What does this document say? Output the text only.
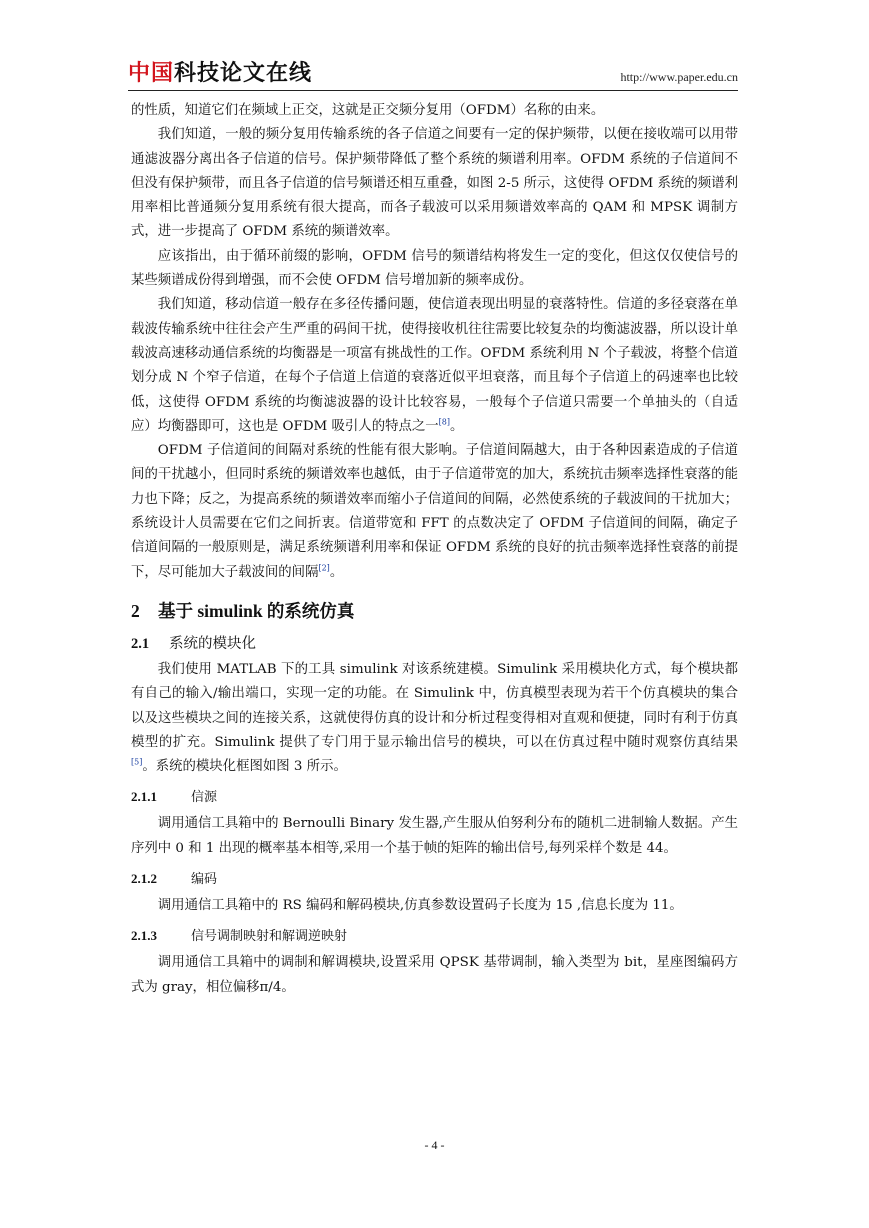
中国科技论文在线	http://www.paper.edu.cn

的性质，知道它们在频域上正交，这就是正交频分复用（OFDM）名称的由来。

我们知道，一般的频分复用传输系统的各子信道之间要有一定的保护频带，以便在接收端可以用带通滤波器分离出各子信道的信号。保护频带降低了整个系统的频谱利用率。OFDM 系统的子信道间不但没有保护频带，而且各子信道的信号频谱还相互重叠，如图 2-5 所示，这使得 OFDM 系统的频谱利用率相比普通频分复用系统有很大提高，而各子载波可以采用频谱效率高的 QAM 和 MPSK 调制方式，进一步提高了 OFDM 系统的频谱效率。

应该指出，由于循环前缀的影响，OFDM 信号的频谱结构将发生一定的变化，但这仅仅使信号的某些频谱成份得到增强，而不会使 OFDM 信号增加新的频率成份。

我们知道，移动信道一般存在多径传播问题，使信道表现出明显的衰落特性。信道的多径衰落在单载波传输系统中往往会产生严重的码间干扰，使得接收机往往需要比较复杂的均衡滤波器，所以设计单载波高速移动通信系统的均衡器是一项富有挑战性的工作。OFDM 系统利用 N 个子载波，将整个信道划分成 N 个窄子信道，在每个子信道上信道的衰落近似平坦衰落，而且每个子信道上的码速率也比较低，这使得 OFDM 系统的均衡滤波器的设计比较容易，一般每个子信道只需要一个单抽头的（自适应）均衡器即可，这也是 OFDM 吸引人的特点之一[8]。

OFDM 子信道间的间隔对系统的性能有很大影响。子信道间隔越大，由于各种因素造成的子信道间的干扰越小，但同时系统的频谱效率也越低，由于子信道带宽的加大，系统抗击频率选择性衰落的能力也下降；反之，为提高系统的频谱效率而缩小子信道间的间隔，必然使系统的子载波间的干扰加大；系统设计人员需要在它们之间折衷。信道带宽和 FFT 的点数决定了 OFDM 子信道间的间隔，确定子信道间隔的一般原则是，满足系统频谱利用率和保证 OFDM 系统的良好的抗击频率选择性衰落的前提下，尽可能加大子载波间的间隔[2]。

2 基于 simulink 的系统仿真
2.1 系统的模块化

我们使用 MATLAB 下的工具 simulink 对该系统建模。Simulink 采用模块化方式，每个模块都有自己的输入/输出端口，实现一定的功能。在 Simulink 中，仿真模型表现为若干个仿真模块的集合以及这些模块之间的连接关系，这就使得仿真的设计和分析过程变得相对直观和便捷，同时有利于仿真模型的扩充。Simulink 提供了专门用于显示输出信号的模块，可以在仿真过程中随时观察仿真结果[5]。系统的模块化框图如图 3 所示。

2.1.1	信源

调用通信工具箱中的 Bernoulli Binary 发生器,产生服从伯努利分布的随机二进制输人数据。产生序列中 0 和 1 出现的概率基本相等,采用一个基于帧的矩阵的输出信号,每列采样个数是 44。

2.1.2	编码

调用通信工具箱中的 RS 编码和解码模块,仿真参数设置码子长度为 15 ,信息长度为 11。

2.1.3	信号调制映射和解调逆映射

调用通信工具箱中的调制和解调模块,设置采用 QPSK 基带调制，输入类型为 bit，星座图编码方式为 gray，相位偏移π/4。

- 4 -
